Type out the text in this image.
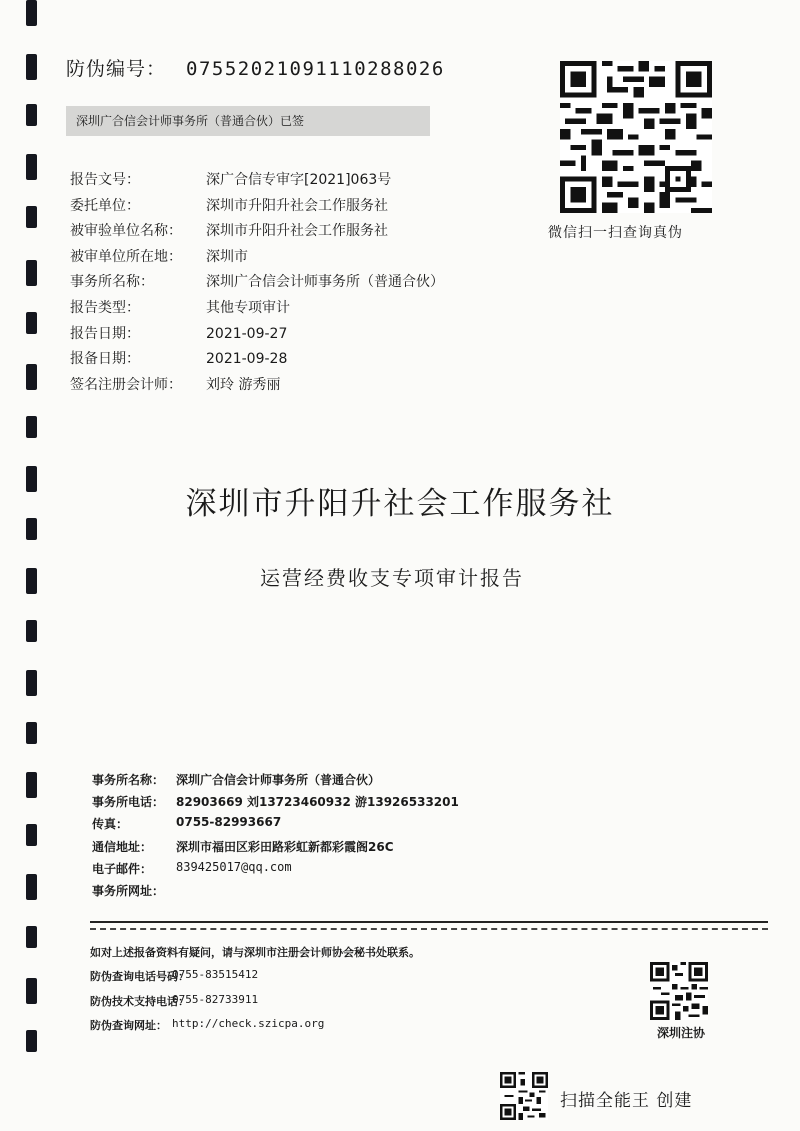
防伪编号： 07552021091110288026
深圳广合信会计师事务所（普通合伙）已签
微信扫一扫查询真伪
报告文号：	深广合信专审字[2021]063号
委托单位：	深圳市升阳升社会工作服务社
被审验单位名称： 深圳市升阳升社会工作服务社
被审单位所在地： 深圳市
事务所名称：	深圳广合信会计师事务所（普通合伙）
报告类型：	其他专项审计
报告日期：	2021-09-27
报备日期：	2021-09-28
签名注册会计师： 刘玲 游秀丽
深圳市升阳升社会工作服务社
运营经费收支专项审计报告
事务所名称： 深圳广合信会计师事务所（普通合伙）
事务所电话： 82903669 刘13723460932 游13926533201
传真：	0755-82993667
通信地址： 深圳市福田区彩田路彩虹新都彩霞阁26C
电子邮件： 839425017@qq.com
事务所网址：
如对上述报备资料有疑问，请与深圳市注册会计师协会秘书处联系。
防伪查询电话号码：
0755-83515412
防伪技术支持电话：
0755-82733911
防伪查询网址： http://check.szicpa.org
深圳注协
扫描全能王 创建
